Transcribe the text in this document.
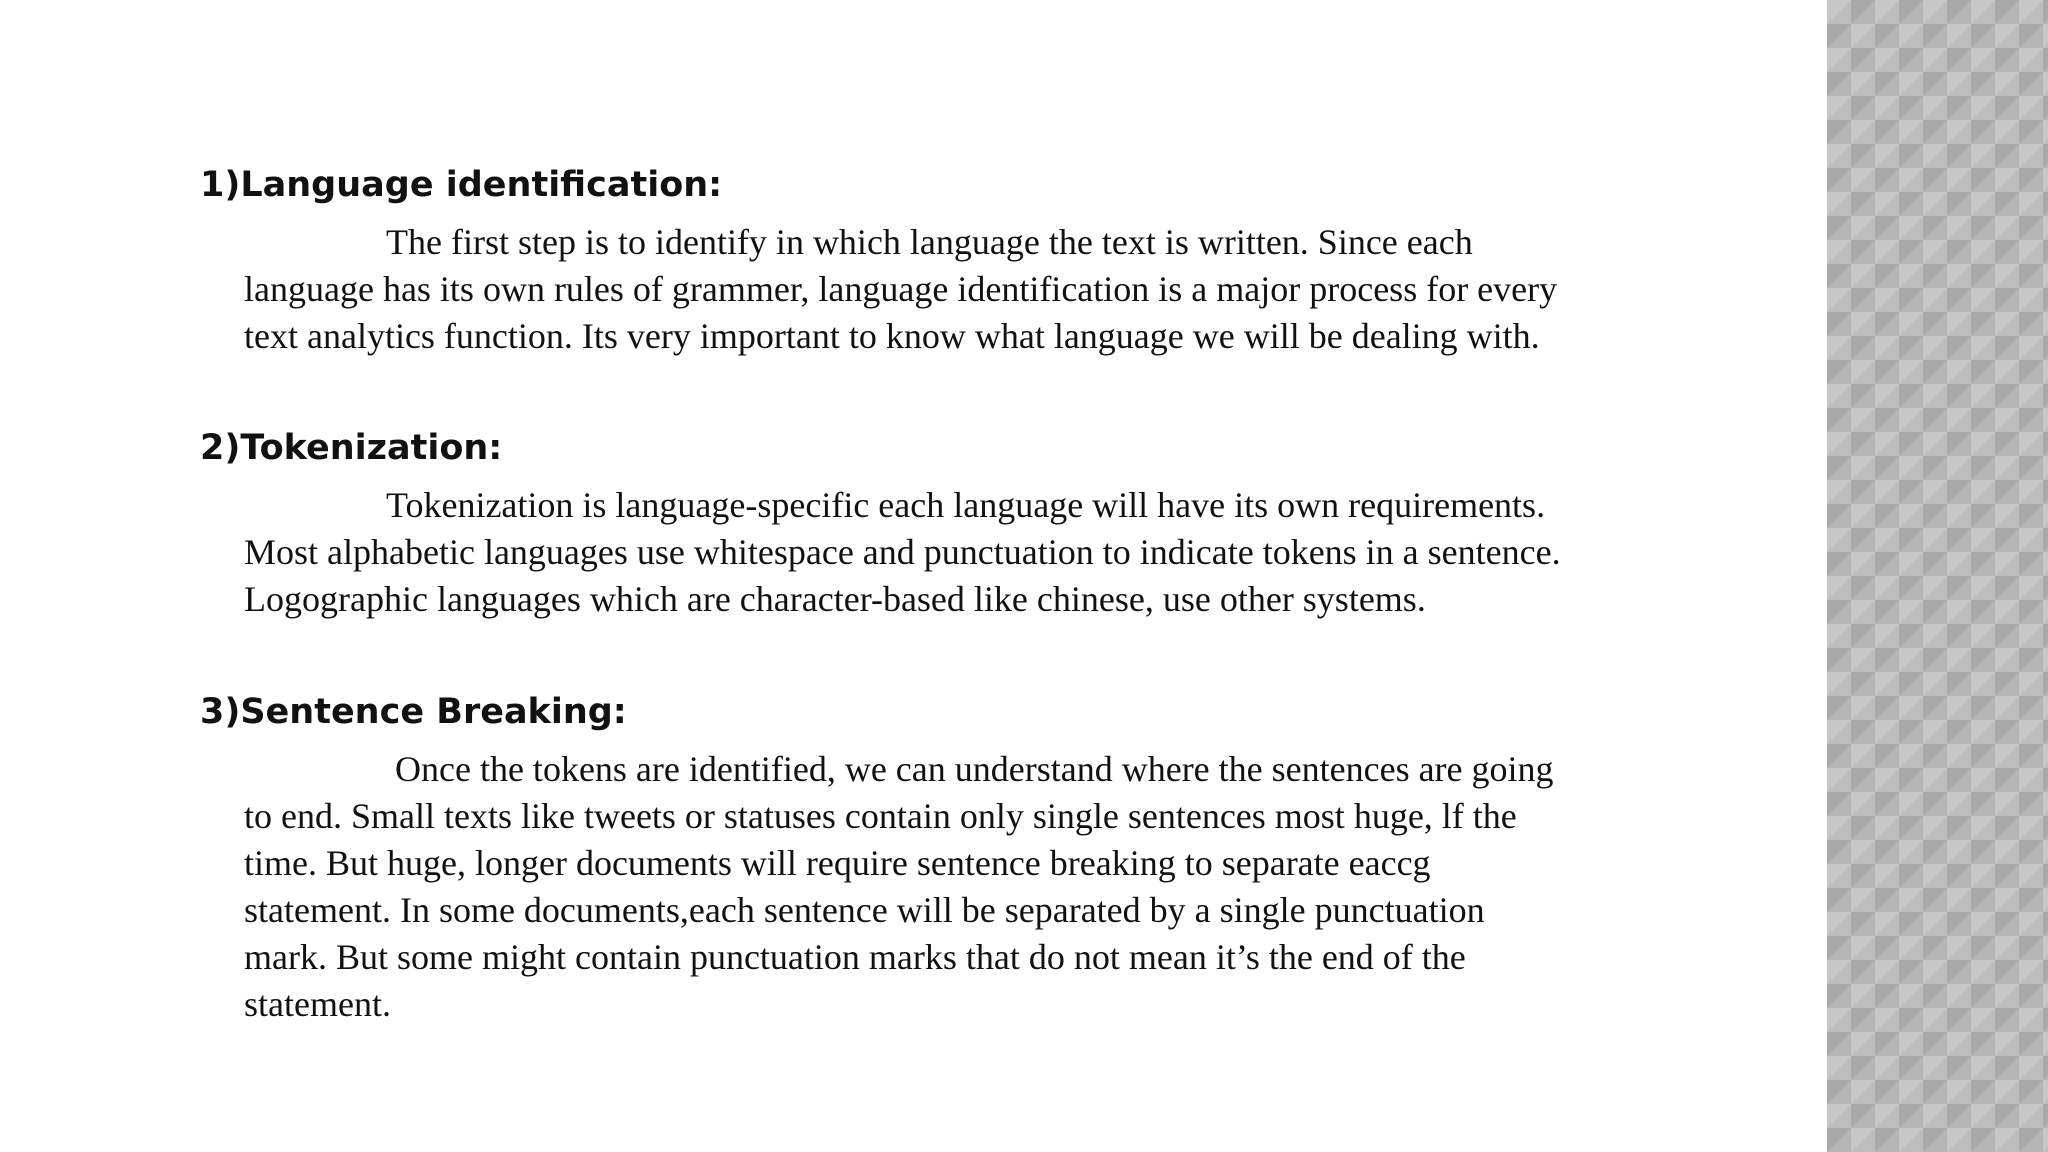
1)Language identification:

The first step is to identify in which language the text is written. Since each
language has its own rules of grammer, language identification is a major process for every
text analytics function. Its very important to know what language we will be dealing with.

2)Tokenization:

Tokenization is language-specific each language will have its own requirements.
Most alphabetic languages use whitespace and punctuation to indicate tokens in a sentence.
Logographic languages which are character-based like chinese, use other systems.

3)Sentence Breaking:

Once the tokens are identified, we can understand where the sentences are going
to end. Small texts like tweets or statuses contain only single sentences most huge, lf the
time. But huge, longer documents will require sentence breaking to separate eaccg
statement. In some documents,each sentence will be separated by a single punctuation
mark. But some might contain punctuation marks that do not mean it’s the end of the
statement.
